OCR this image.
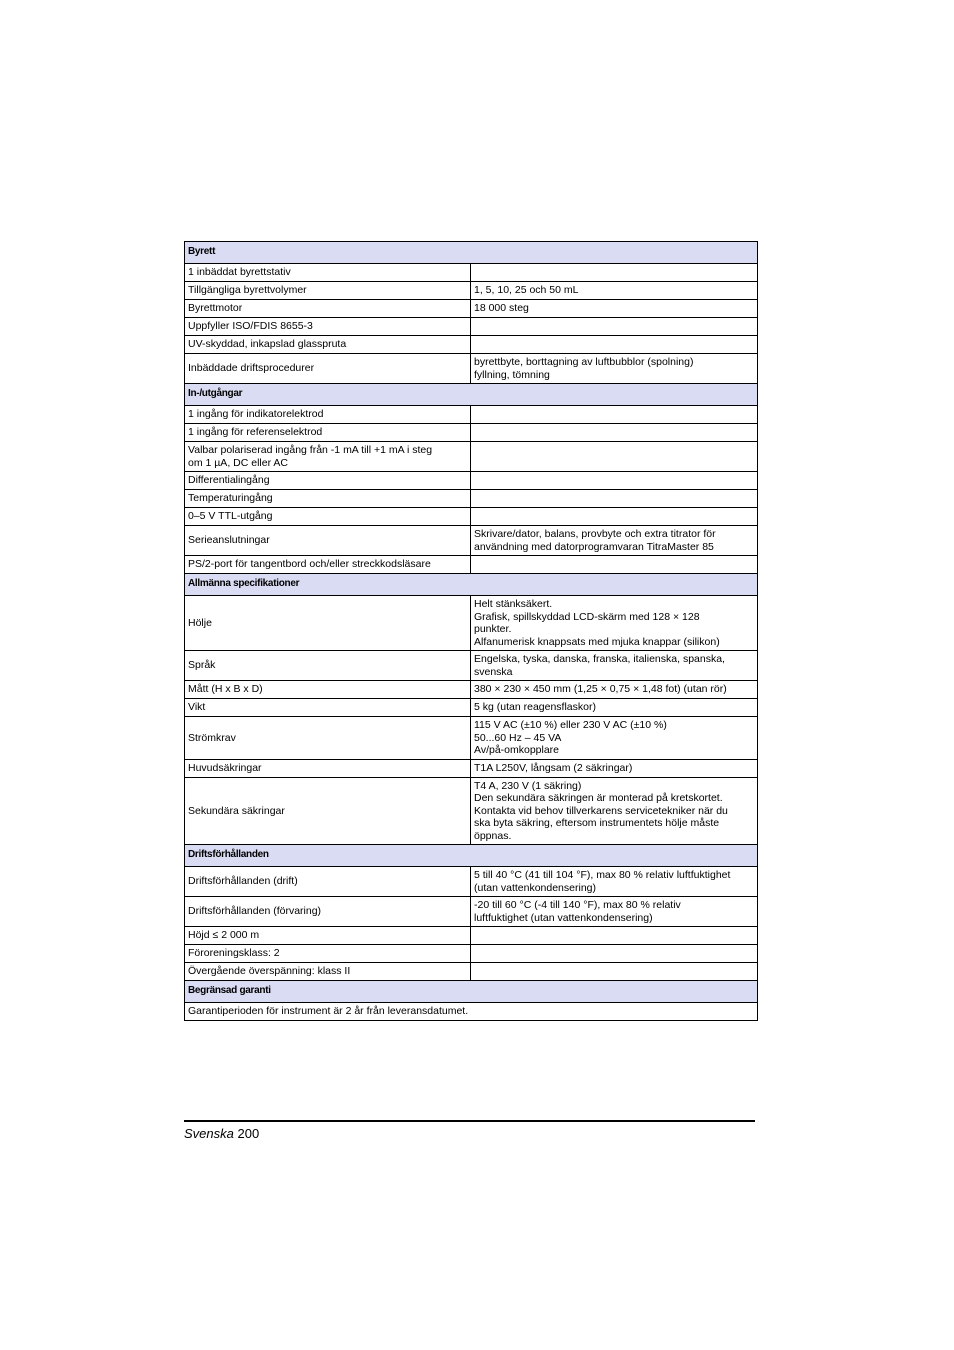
Byrett	
1 inbäddat byrettstativ	
Tillgängliga byrettvolymer	1, 5, 10, 25 och 50 mL
Byrettmotor	18 000 steg
Uppfyller ISO/FDIS 8655-3	
UV-skyddad, inkapslad glasspruta	
Inbäddade driftsprocedurer	byrettbyte, borttagning av luftbubblor (spolning)
fyllning, tömning
In-/utgångar	
1 ingång för indikatorelektrod	
1 ingång för referenselektrod	
Valbar polariserad ingång från -1 mA till +1 mA i steg
om 1 µA, DC eller AC	
Differentialingång	
Temperaturingång	
0–5 V TTL-utgång	
Serieanslutningar	Skrivare/dator, balans, provbyte och extra titrator för
användning med datorprogramvaran TitraMaster 85
PS/2-port för tangentbord och/eller streckkodsläsare	
Allmänna specifikationer	
Hölje	Helt stänksäkert.
Grafisk, spillskyddad LCD-skärm med 128 × 128
punkter.
Alfanumerisk knappsats med mjuka knappar (silikon)
Språk	Engelska, tyska, danska, franska, italienska, spanska,
svenska
Mått (H x B x D)	380 × 230 × 450 mm (1,25 × 0,75 × 1,48 fot) (utan rör)
Vikt	5 kg (utan reagensflaskor)
Strömkrav	115 V AC (±10 %) eller 230 V AC (±10 %)
50...60 Hz – 45 VA
Av/på-omkopplare
Huvudsäkringar	T1A L250V, långsam (2 säkringar)
Sekundära säkringar	T4 A, 230 V (1 säkring)
Den sekundära säkringen är monterad på kretskortet.
Kontakta vid behov tillverkarens servicetekniker när du
ska byta säkring, eftersom instrumentets hölje måste
öppnas.
Driftsförhållanden	
Driftsförhållanden (drift)	5 till 40 °C (41 till 104 °F), max 80 % relativ luftfuktighet
(utan vattenkondensering)
Driftsförhållanden (förvaring)	-20 till 60 °C (-4 till 140 °F), max 80 % relativ
luftfuktighet (utan vattenkondensering)
Höjd ≤ 2 000 m	
Föroreningsklass: 2	
Övergående överspänning: klass II	
Begränsad garanti	
Garantiperioden för instrument är 2 år från leveransdatumet.	
Svenska 200
